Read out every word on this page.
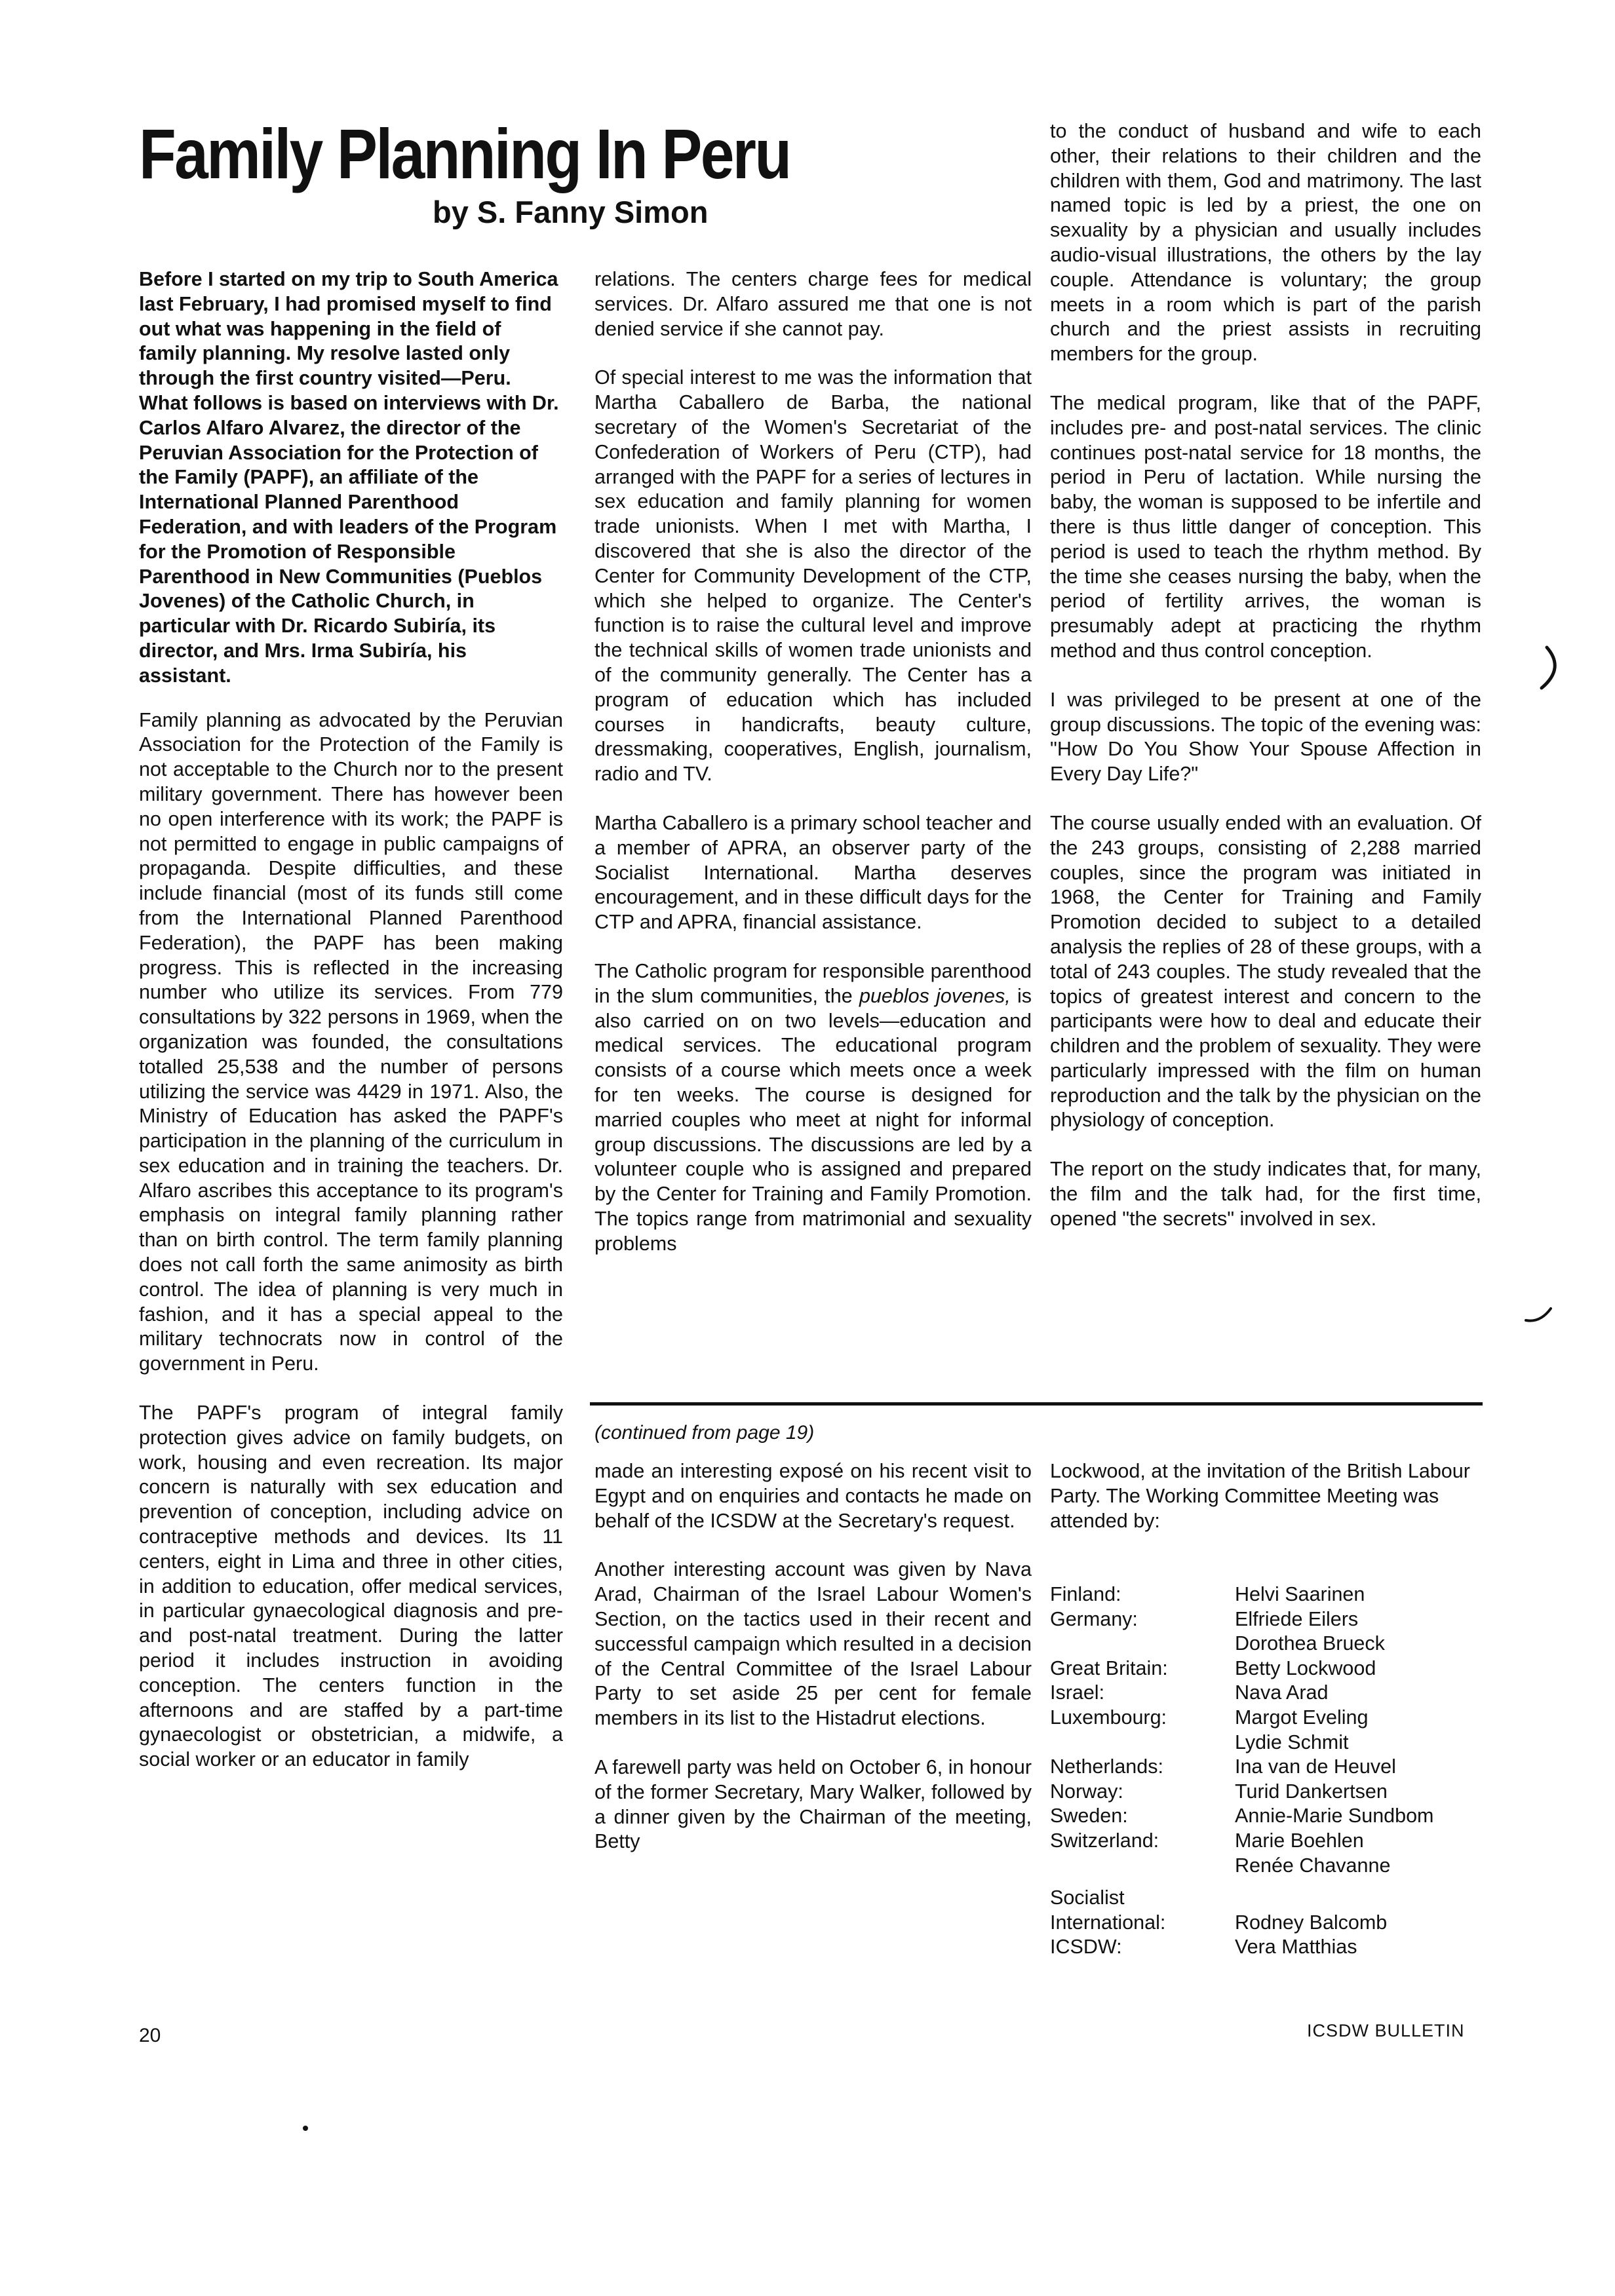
Family Planning In Peru
by S. Fanny Simon

Before I started on my trip to South America last February, I had promised myself to find out what was happening in the field of family planning. My resolve lasted only through the first country visited—Peru. What follows is based on interviews with Dr. Carlos Alfaro Alvarez, the director of the Peruvian Association for the Protection of the Family (PAPF), an affiliate of the International Planned Parenthood Federation, and with leaders of the Program for the Promotion of Responsible Parenthood in New Communities (Pueblos Jovenes) of the Catholic Church, in particular with Dr. Ricardo Subiría, its director, and Mrs. Irma Subiría, his assistant.

Family planning as advocated by the Peruvian Association for the Protection of the Family is not acceptable to the Church nor to the present military government. There has however been no open interference with its work; the PAPF is not permitted to engage in public campaigns of propaganda. Despite difficulties, and these include financial (most of its funds still come from the International Planned Parenthood Federation), the PAPF has been making progress. This is reflected in the increasing number who utilize its services. From 779 consultations by 322 persons in 1969, when the organization was founded, the consultations totalled 25,538 and the number of persons utilizing the service was 4429 in 1971. Also, the Ministry of Education has asked the PAPF's participation in the planning of the curriculum in sex education and in training the teachers. Dr. Alfaro ascribes this acceptance to its program's emphasis on integral family planning rather than on birth control. The term family planning does not call forth the same animosity as birth control. The idea of planning is very much in fashion, and it has a special appeal to the military technocrats now in control of the government in Peru.

The PAPF's program of integral family protection gives advice on family budgets, on work, housing and even recreation. Its major concern is naturally with sex education and prevention of conception, including advice on contraceptive methods and devices. Its 11 centers, eight in Lima and three in other cities, in addition to education, offer medical services, in particular gynaecological diagnosis and pre- and post-natal treatment. During the latter period it includes instruction in avoiding conception. The centers function in the afternoons and are staffed by a part-time gynaecologist or obstetrician, a midwife, a social worker or an educator in family

relations. The centers charge fees for medical services. Dr. Alfaro assured me that one is not denied service if she cannot pay.

Of special interest to me was the information that Martha Caballero de Barba, the national secretary of the Women's Secretariat of the Confederation of Workers of Peru (CTP), had arranged with the PAPF for a series of lectures in sex education and family planning for women trade unionists. When I met with Martha, I discovered that she is also the director of the Center for Community Development of the CTP, which she helped to organize. The Center's function is to raise the cultural level and improve the technical skills of women trade unionists and of the community generally. The Center has a program of education which has included courses in handicrafts, beauty culture, dressmaking, cooperatives, English, journalism, radio and TV.

Martha Caballero is a primary school teacher and a member of APRA, an observer party of the Socialist International. Martha deserves encouragement, and in these difficult days for the CTP and APRA, financial assistance.

The Catholic program for responsible parenthood in the slum communities, the pueblos jovenes, is also carried on on two levels—education and medical services. The educational program consists of a course which meets once a week for ten weeks. The course is designed for married couples who meet at night for informal group discussions. The discussions are led by a volunteer couple who is assigned and prepared by the Center for Training and Family Promotion. The topics range from matrimonial and sexuality problems

to the conduct of husband and wife to each other, their relations to their children and the children with them, God and matrimony. The last named topic is led by a priest, the one on sexuality by a physician and usually includes audio-visual illustrations, the others by the lay couple. Attendance is voluntary; the group meets in a room which is part of the parish church and the priest assists in recruiting members for the group.

The medical program, like that of the PAPF, includes pre- and post-natal services. The clinic continues post-natal service for 18 months, the period in Peru of lactation. While nursing the baby, the woman is supposed to be infertile and there is thus little danger of conception. This period is used to teach the rhythm method. By the time she ceases nursing the baby, when the period of fertility arrives, the woman is presumably adept at practicing the rhythm method and thus control conception.

I was privileged to be present at one of the group discussions. The topic of the evening was: "How Do You Show Your Spouse Affection in Every Day Life?"

The course usually ended with an evaluation. Of the 243 groups, consisting of 2,288 married couples, since the program was initiated in 1968, the Center for Training and Family Promotion decided to subject to a detailed analysis the replies of 28 of these groups, with a total of 243 couples. The study revealed that the topics of greatest interest and concern to the participants were how to deal and educate their children and the problem of sexuality. They were particularly impressed with the film on human reproduction and the talk by the physician on the physiology of conception.

The report on the study indicates that, for many, the film and the talk had, for the first time, opened "the secrets" involved in sex.

(continued from page 19)

made an interesting exposé on his recent visit to Egypt and on enquiries and contacts he made on behalf of the ICSDW at the Secretary's request.

Another interesting account was given by Nava Arad, Chairman of the Israel Labour Women's Section, on the tactics used in their recent and successful campaign which resulted in a decision of the Central Committee of the Israel Labour Party to set aside 25 per cent for female members in its list to the Histadrut elections.

A farewell party was held on October 6, in honour of the former Secretary, Mary Walker, followed by a dinner given by the Chairman of the meeting, Betty

Lockwood, at the invitation of the British Labour Party. The Working Committee Meeting was attended by:

Finland:	Helvi Saarinen
Germany:	Elfriede Eilers
Dorothea Brueck
Great Britain:	Betty Lockwood
Israel:	Nava Arad
Luxembourg:	Margot Eveling
Lydie Schmit
Netherlands:	Ina van de Heuvel
Norway:	Turid Dankertsen
Sweden:	Annie-Marie Sundbom
Switzerland:	Marie Boehlen
Renée Chavanne
Socialist

International:	Rodney Balcomb
ICSDW:	Vera Matthias
20	ICSDW BULLETIN
